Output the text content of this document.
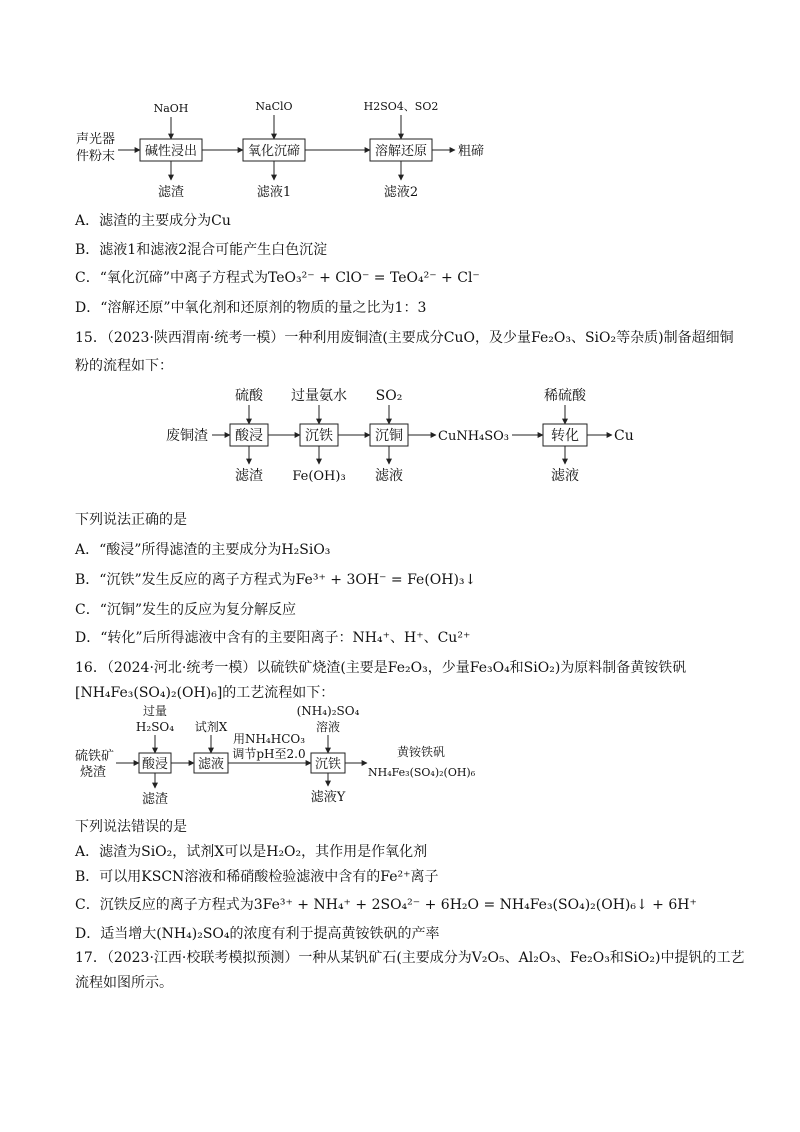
声光器
件粉末 碱性浸出
NaOH
滤渣
氧化沉碲
NaClO
滤液1
溶解还原
H2SO4、SO2
滤液2
粗碲
A．滤渣的主要成分为Cu
B．滤液1和滤液2混合可能产生白色沉淀
C．“氧化沉碲”中离子方程式为TeO₃²⁻ + ClO⁻ = TeO₄²⁻ + Cl⁻
D．“溶解还原”中氧化剂和还原剂的物质的量之比为1：3
15．（2023·陕西渭南·统考一模）一种利用废铜渣(主要成分CuO，及少量Fe₂O₃、SiO₂等杂质)制备超细铜
粉的流程如下：
废铜渣 酸浸
硫酸
滤渣
沉铁
过量氨水
Fe(OH)₃
沉铜
SO₂
滤液
CuNH₄SO₃	转化
稀硫酸
滤液
Cu
下列说法正确的是
A．“酸浸”所得滤渣的主要成分为H₂SiO₃
B．“沉铁”发生反应的离子方程式为Fe³⁺ + 3OH⁻ = Fe(OH)₃↓
C．“沉铜”发生的反应为复分解反应
D．“转化”后所得滤液中含有的主要阳离子：NH₄⁺、H⁺、Cu²⁺
16．（2024·河北·统考一模）以硫铁矿烧渣(主要是Fe₂O₃，少量Fe₃O₄和SiO₂)为原料制备黄铵铁矾
[NH₄Fe₃(SO₄)₂(OH)₆]的工艺流程如下：
硫铁矿
烧渣
酸浸
过量
H₂SO₄
滤渣
滤液
试剂X
用NH₄HCO₃
调节pH至2.0
沉铁
(NH₄)₂SO₄
溶液
滤液Y
黄铵铁矾
NH₄Fe₃(SO₄)₂(OH)₆
下列说法错误的是
A．滤渣为SiO₂，试剂X可以是H₂O₂，其作用是作氧化剂
B．可以用KSCN溶液和稀硝酸检验滤液中含有的Fe²⁺离子
C．沉铁反应的离子方程式为3Fe³⁺ + NH₄⁺ + 2SO₄²⁻ + 6H₂O = NH₄Fe₃(SO₄)₂(OH)₆↓ + 6H⁺
D．适当增大(NH₄)₂SO₄的浓度有利于提高黄铵铁矾的产率
17．（2023·江西·校联考模拟预测）一种从某钒矿石(主要成分为V₂O₅、Al₂O₃、Fe₂O₃和SiO₂)中提钒的工艺
流程如图所示。
